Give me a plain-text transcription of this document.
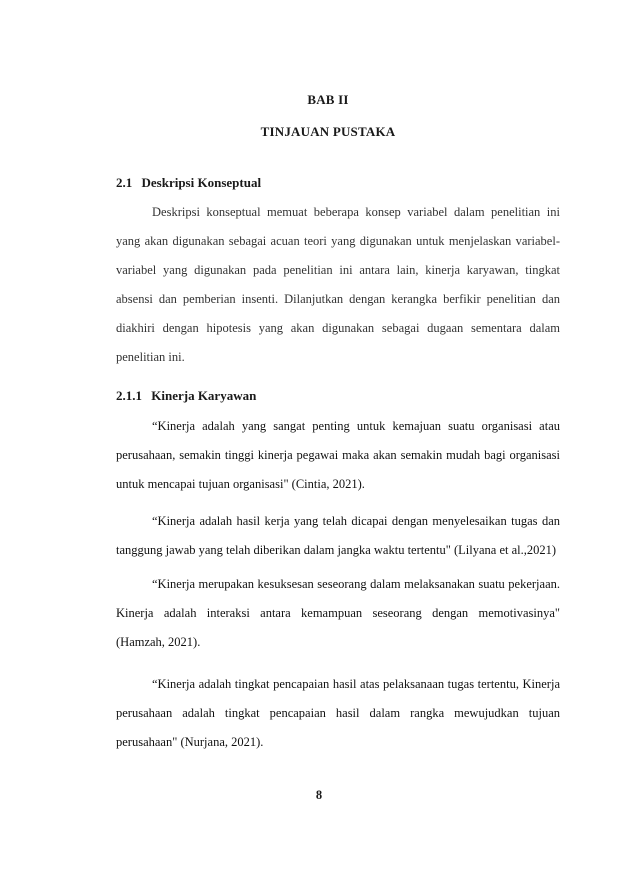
BAB II
TINJAUAN PUSTAKA
2.1 Deskripsi Konseptual

Deskripsi konseptual memuat beberapa konsep variabel dalam penelitian ini yang akan digunakan sebagai acuan teori yang digunakan untuk menjelaskan variabel-variabel yang digunakan pada penelitian ini antara lain, kinerja karyawan, tingkat absensi dan pemberian insenti. Dilanjutkan dengan kerangka berfikir penelitian dan diakhiri dengan hipotesis yang akan digunakan sebagai dugaan sementara dalam penelitian ini.

2.1.1 Kinerja Karyawan

“Kinerja adalah yang sangat penting untuk kemajuan suatu organisasi atau perusahaan, semakin tinggi kinerja pegawai maka akan semakin mudah bagi organisasi untuk mencapai tujuan organisasi" (Cintia, 2021).

“Kinerja adalah hasil kerja yang telah dicapai dengan menyelesaikan tugas dan tanggung jawab yang telah diberikan dalam jangka waktu tertentu" (Lilyana et al.,2021)

“Kinerja merupakan kesuksesan seseorang dalam melaksanakan suatu pekerjaan. Kinerja adalah interaksi antara kemampuan seseorang dengan memotivasinya" (Hamzah, 2021).

“Kinerja adalah tingkat pencapaian hasil atas pelaksanaan tugas tertentu, Kinerja perusahaan adalah tingkat pencapaian hasil dalam rangka mewujudkan tujuan perusahaan" (Nurjana, 2021).

8
